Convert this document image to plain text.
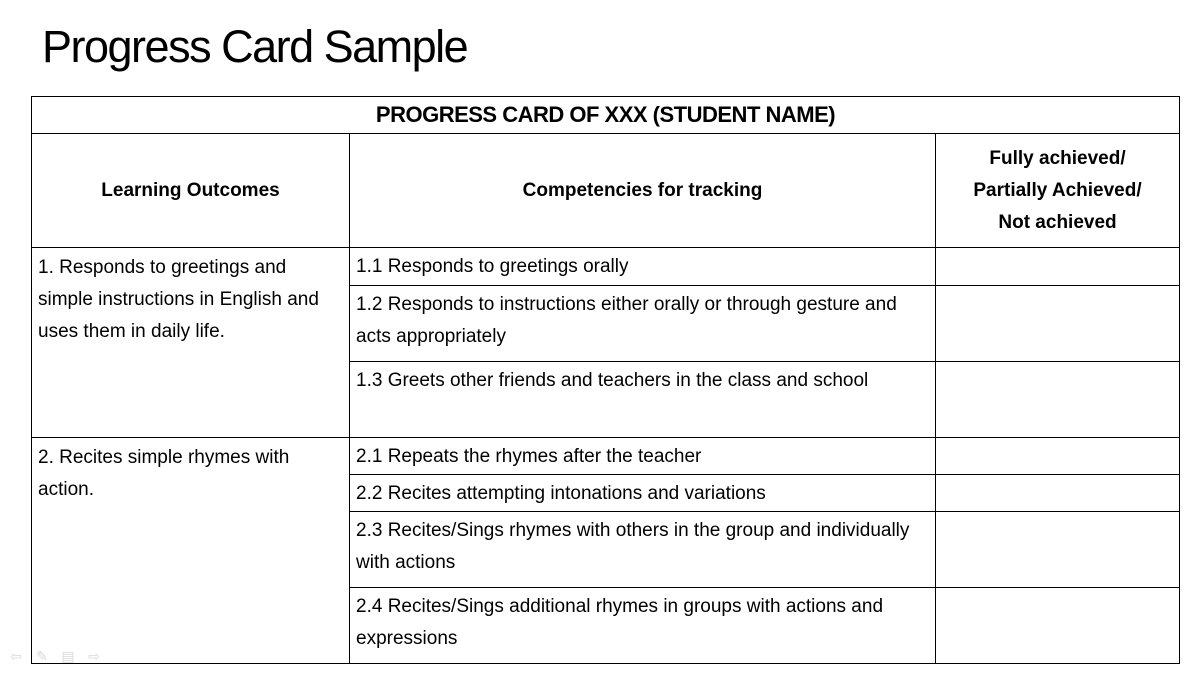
Progress Card Sample
PROGRESS CARD OF XXX (STUDENT NAME)		
Learning Outcomes	Competencies for tracking	Fully achieved/
Partially Achieved/
Not achieved

1. Responds to greetings and simple instructions in English and uses them in daily life.	1.1 Responds to greetings orally	
	1.2 Responds to instructions either orally or through gesture and acts appropriately	
	1.3 Greets other friends and teachers in the class and school	
2. Recites simple rhymes with action.	2.1 Repeats the rhymes after the teacher	
	2.2 Recites attempting intonations and variations	
	2.3 Recites/Sings rhymes with others in the group and individually with actions	
	2.4 Recites/Sings additional rhymes in groups with actions and expressions	
⇦ ✎ ▤ ⇨
